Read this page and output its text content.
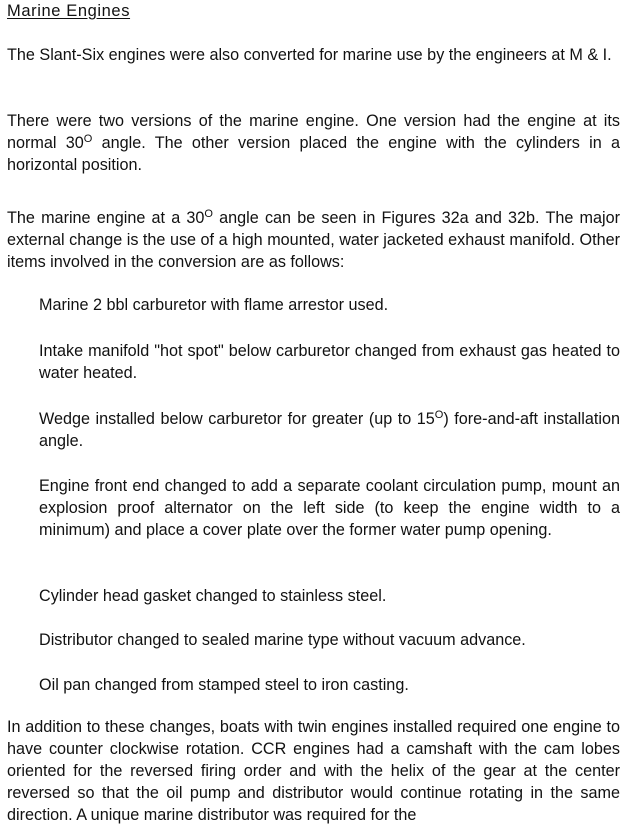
Marine Engines

The Slant-Six engines were also converted for marine use by the engineers at M & I.

There were two versions of the marine engine. One version had the engine at its normal $30^O$ angle. The other version placed the engine with the cylinders in a horizontal position.

The marine engine at a $30^O$ angle can be seen in Figures 32a and 32b. The major external change is the use of a high mounted, water jacketed exhaust manifold. Other items involved in the conversion are as follows:

Marine 2 bbl carburetor with flame arrestor used.

Intake manifold "hot spot" below carburetor changed from exhaust gas heated to water heated.

Wedge installed below carburetor for greater (up to $15^O$) fore-and-aft installation angle.

Engine front end changed to add a separate coolant circulation pump, mount an explosion proof alternator on the left side (to keep the engine width to a minimum) and place a cover plate over the former water pump opening.

Cylinder head gasket changed to stainless steel.

Distributor changed to sealed marine type without vacuum advance.

Oil pan changed from stamped steel to iron casting.

In addition to these changes, boats with twin engines installed required one engine to have counter clockwise rotation. CCR engines had a camshaft with the cam lobes oriented for the reversed firing order and with the helix of the gear at the center reversed so that the oil pump and distributor would continue rotating in the same direction. A unique marine distributor was required for the
